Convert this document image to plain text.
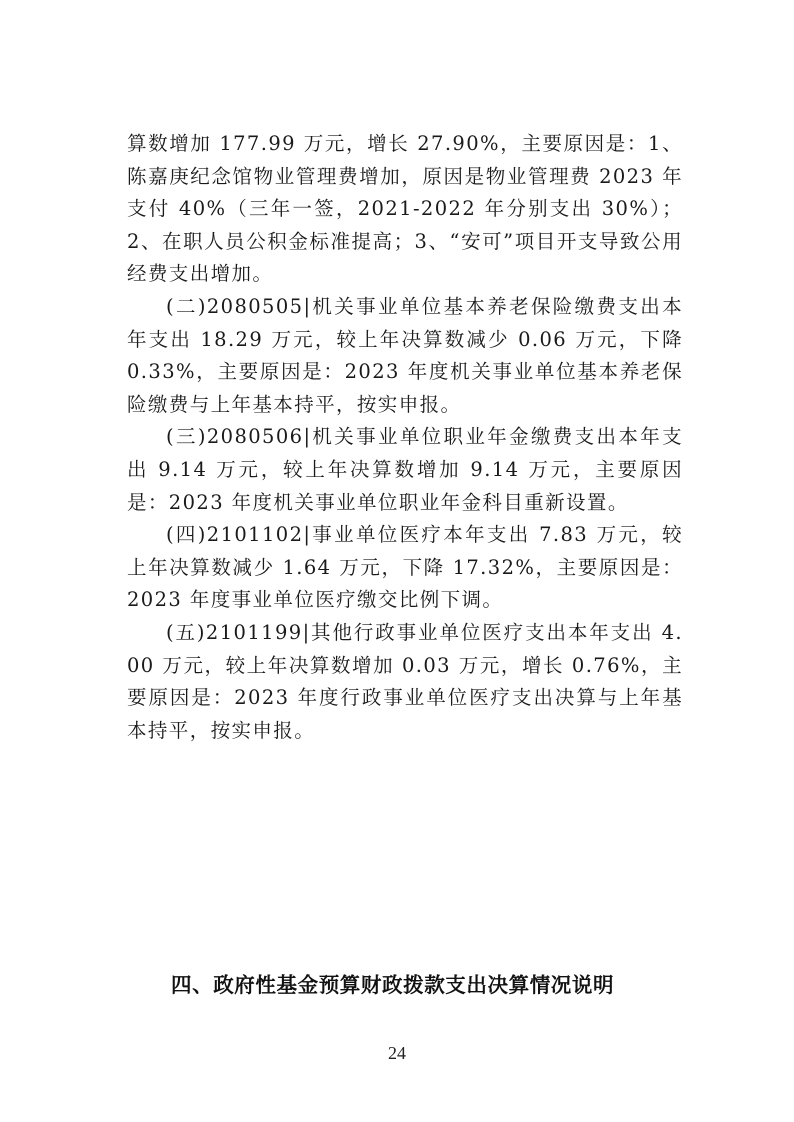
算数增加 177.99 万元，增长 27.90%，主要原因是：1、陈嘉庚纪念馆物业管理费增加，原因是物业管理费 2023 年支付 40%（三年一签，2021-2022 年分别支出 30%）；2、在职人员公积金标准提高；3、“安可”项目开支导致公用经费支出增加。

(二)2080505|机关事业单位基本养老保险缴费支出本年支出 18.29 万元，较上年决算数减少 0.06 万元，下降 0.33%，主要原因是：2023 年度机关事业单位基本养老保险缴费与上年基本持平，按实申报。

(三)2080506|机关事业单位职业年金缴费支出本年支出 9.14 万元，较上年决算数增加 9.14 万元，主要原因是：2023 年度机关事业单位职业年金科目重新设置。

(四)2101102|事业单位医疗本年支出 7.83 万元，较上年决算数减少 1.64 万元，下降 17.32%，主要原因是：2023 年度事业单位医疗缴交比例下调。

(五)2101199|其他行政事业单位医疗支出本年支出 4.00 万元，较上年决算数增加 0.03 万元，增长 0.76%，主要原因是：2023 年度行政事业单位医疗支出决算与上年基本持平，按实申报。

四、政府性基金预算财政拨款支出决算情况说明
24
